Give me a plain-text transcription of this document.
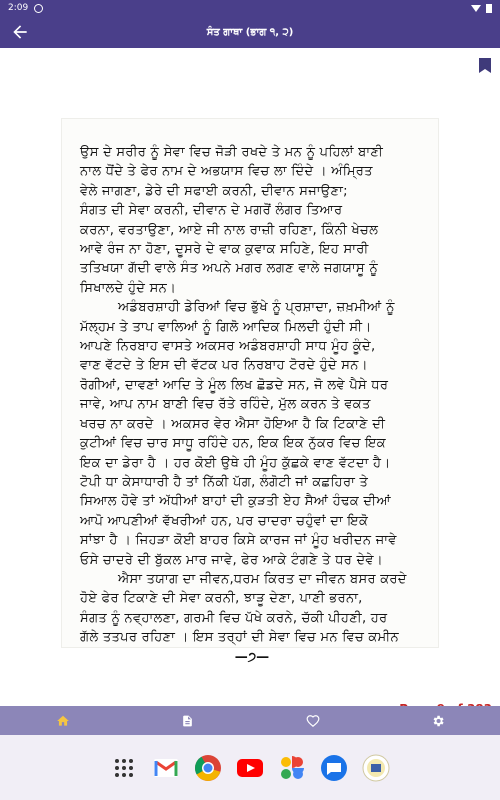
2:09
ਸੰਤ ਗਾਥਾ (ਭਾਗ ੧, ੨)
ਉਸ ਦੇ ਸਰੀਰ ਨੂੰ ਸੇਵਾ ਵਿਚ ਜੋੜੀ ਰਖਦੇ ਤੇ ਮਨ ਨੂੰ ਪਹਿਲਾਂ ਬਾਣੀ
ਨਾਲ ਧੋਂਦੇ ਤੇ ਫੇਰ ਨਾਮ ਦੇ ਅਭਯਾਸ ਵਿਚ ਲਾ ਦਿੰਦੇ । ਅੰਮ੍ਰਿਤ
ਵੇਲੇ ਜਾਗਣਾ, ਡੇਰੇ ਦੀ ਸਫਾਈ ਕਰਨੀ, ਦੀਵਾਨ ਸਜਾਉਣਾ;
ਸੰਗਤ ਦੀ ਸੇਵਾ ਕਰਨੀ, ਦੀਵਾਨ ਦੇ ਮਗਰੋਂ ਲੰਗਰ ਤਿਆਰ
ਕਰਨਾ, ਵਰਤਾਉਣਾ, ਆਏ ਜੀ ਨਾਲ ਰਾਜ਼ੀ ਰਹਿਣਾ, ਕਿੰਨੀ ਖੇਚਲ
ਆਵੇ ਰੰਜ ਨਾ ਹੋਣਾ, ਦੂਸਰੇ ਦੇ ਵਾਕ ਕੁਵਾਕ ਸਹਿਣੇ, ਇਹ ਸਾਰੀ
ਤਤਿਖਯਾ ਗੱਦੀ ਵਾਲੇ ਸੰਤ ਅਪਨੇ ਮਗਰ ਲਗਣ ਵਾਲੇ ਜਗਯਾਸੂ ਨੂੰ
ਸਿਖਾਲਦੇ ਹੁੰਦੇ ਸਨ।
ਅਡੰਬਰਸ਼ਾਹੀ ਡੇਰਿਆਂ ਵਿਚ ਭੁੱਖੇ ਨੂੰ ਪ੍ਰਸ਼ਾਦਾ, ਜ਼ਖ਼ਮੀਆਂ ਨੂੰ
ਮੱਲ੍ਹਮ ਤੇ ਤਾਪ ਵਾਲਿਆਂ ਨੂੰ ਗਿਲੋ ਆਦਿਕ ਮਿਲਦੀ ਹੁੰਦੀ ਸੀ।
ਆਪਣੇ ਨਿਰਬਾਹ ਵਾਸਤੇ ਅਕਸਰ ਅਡੰਬਰਸ਼ਾਹੀ ਸਾਧ ਮੂੰਹ ਕੂੰਦੇ,
ਵਾਣ ਵੱਟਦੇ ਤੇ ਇਸ ਦੀ ਵੱਟਕ ਪਰ ਨਿਰਬਾਹ ਟੋਰਦੇ ਹੁੰਦੇ ਸਨ।
ਰੋਗੀਆਂ, ਦਾਵਣਾਂ ਆਦਿ ਤੇ ਮੂੰਲ ਲਿਖ ਛੋਡਦੇ ਸਨ, ਜੋ ਲਵੇ ਪੈਸੇ ਧਰ
ਜਾਵੇ, ਆਪ ਨਾਮ ਬਾਣੀ ਵਿਚ ਰੱਤੇ ਰਹਿੰਦੇ, ਮੁੱਲ ਕਰਨ ਤੇ ਵਕਤ
ਖਰਚ ਨਾ ਕਰਦੇ । ਅਕਸਰ ਵੇਰ ਐਸਾ ਹੋਇਆ ਹੈ ਕਿ ਟਿਕਾਣੇ ਦੀ
ਕੁਟੀਆਂ ਵਿਚ ਚਾਰ ਸਾਧੂ ਰਹਿੰਦੇ ਹਨ, ਇਕ ਇਕ ਨੁੱਕਰ ਵਿਚ ਇਕ
ਇਕ ਦਾ ਡੇਰਾ ਹੈ । ਹਰ ਕੋਈ ਉਥੇ ਹੀ ਮੂੰਹ ਕੁੱਛਕੇ ਵਾਣ ਵੱਟਦਾ ਹੈ।
ਟੋਪੀ ਧਾ ਕੇਸਾਧਾਰੀ ਹੈ ਤਾਂ ਨਿੱਕੀ ਪੱਗ, ਲੰਗੋਟੀ ਜਾਂ ਕਛਹਿਰਾ ਤੇ
ਸਿਆਲ ਹੋਵੇ ਤਾਂ ਅੱਧੀਆਂ ਬਾਹਾਂ ਦੀ ਕੁੜਤੀ ਏਹ ਸੈਆਂ ਹੰਢਕ ਦੀਆਂ
ਆਪੋ ਆਪਣੀਆਂ ਵੱਖਰੀਆਂ ਹਨ, ਪਰ ਚਾਦਰਾ ਚਹੁੰਵਾਂ ਦਾ ਇਕੋ
ਸਾਂਝਾ ਹੈ । ਜਿਹੜਾ ਕੋਈ ਬਾਹਰ ਕਿਸੇ ਕਾਰਜ ਜਾਂ ਮੂੰਹ ਖਰੀਦਨ ਜਾਵੇ
ਓਸੇ ਚਾਦਰੇ ਦੀ ਬੁੱਕਲ ਮਾਰ ਜਾਵੇ, ਫੇਰ ਆਕੇ ਟੰਗਣੇ ਤੇ ਧਰ ਦੇਵੇ।
ਐਸਾ ਤਯਾਗ ਦਾ ਜੀਵਨ,ਧਰਮ ਕਿਰਤ ਦਾ ਜੀਵਨ ਬਸਰ ਕਰਦੇ
ਹੋਏ ਫੇਰ ਟਿਕਾਣੇ ਦੀ ਸੇਵਾ ਕਰਨੀ, ਝਾੜੂ ਦੇਣਾ, ਪਾਣੀ ਭਰਨਾ,
ਸੰਗਤ ਨੂੰ ਨਵ੍ਹਾਲਣਾ, ਗਰਮੀ ਵਿਚ ਪੱਖੇ ਕਰਨੇ, ਚੱਕੀ ਪੀਹਣੀ, ਹਰ
ਗੱਲੇ ਤਤਪਰ ਰਹਿਣਾ । ਇਸ ਤਰ੍ਹਾਂ ਦੀ ਸੇਵਾ ਵਿਚ ਮਨ ਵਿਚ ਕਮੀਨ
—੭—
